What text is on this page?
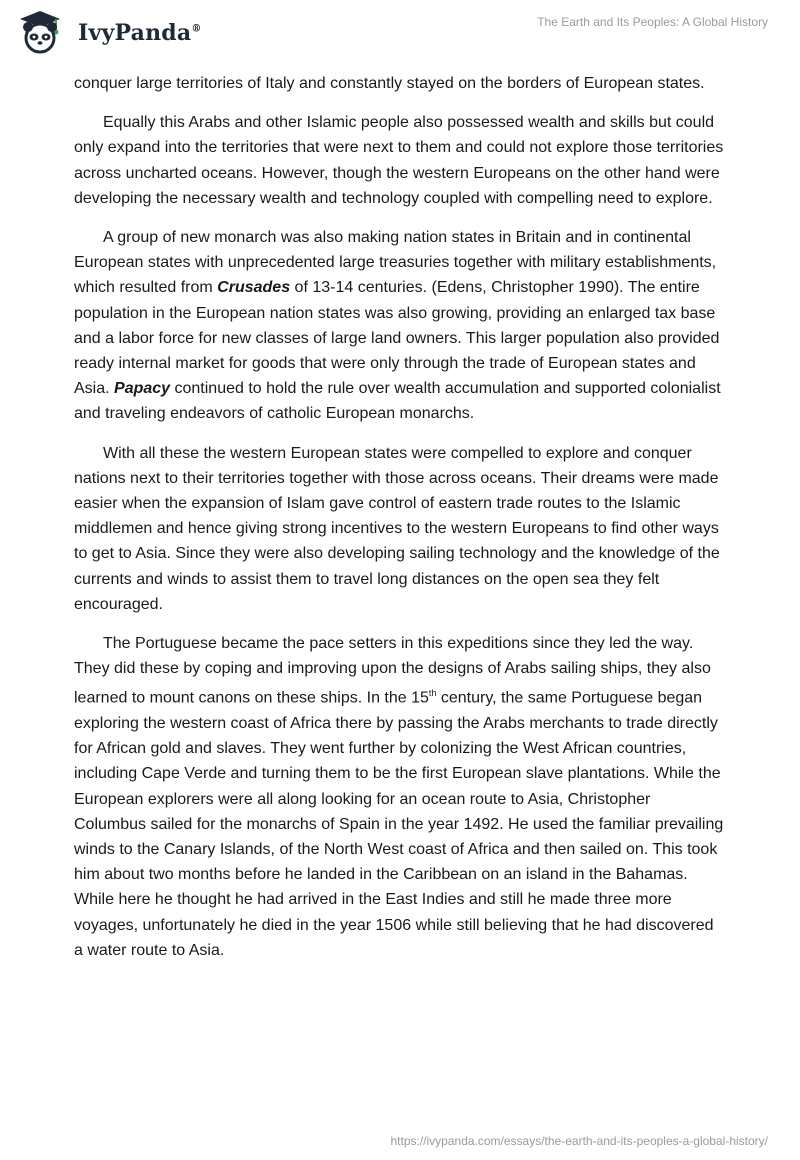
IvyPanda®
The Earth and Its Peoples: A Global History

conquer large territories of Italy and constantly stayed on the borders of European states.

Equally this Arabs and other Islamic people also possessed wealth and skills but could only expand into the territories that were next to them and could not explore those territories across uncharted oceans. However, though the western Europeans on the other hand were developing the necessary wealth and technology coupled with compelling need to explore.

A group of new monarch was also making nation states in Britain and in continental European states with unprecedented large treasuries together with military establishments, which resulted from Crusades of 13-14 centuries. (Edens, Christopher 1990). The entire population in the European nation states was also growing, providing an enlarged tax base and a labor force for new classes of large land owners. This larger population also provided ready internal market for goods that were only through the trade of European states and Asia. Papacy continued to hold the rule over wealth accumulation and supported colonialist and traveling endeavors of catholic European monarchs.

With all these the western European states were compelled to explore and conquer nations next to their territories together with those across oceans. Their dreams were made easier when the expansion of Islam gave control of eastern trade routes to the Islamic middlemen and hence giving strong incentives to the western Europeans to find other ways to get to Asia. Since they were also developing sailing technology and the knowledge of the currents and winds to assist them to travel long distances on the open sea they felt encouraged.

The Portuguese became the pace setters in this expeditions since they led the way. They did these by coping and improving upon the designs of Arabs sailing ships, they also learned to mount canons on these ships. In the 15th century, the same Portuguese began exploring the western coast of Africa there by passing the Arabs merchants to trade directly for African gold and slaves. They went further by colonizing the West African countries, including Cape Verde and turning them to be the first European slave plantations. While the European explorers were all along looking for an ocean route to Asia, Christopher Columbus sailed for the monarchs of Spain in the year 1492. He used the familiar prevailing winds to the Canary Islands, of the North West coast of Africa and then sailed on. This took him about two months before he landed in the Caribbean on an island in the Bahamas. While here he thought he had arrived in the East Indies and still he made three more voyages, unfortunately he died in the year 1506 while still believing that he had discovered a water route to Asia.

https://ivypanda.com/essays/the-earth-and-its-peoples-a-global-history/
